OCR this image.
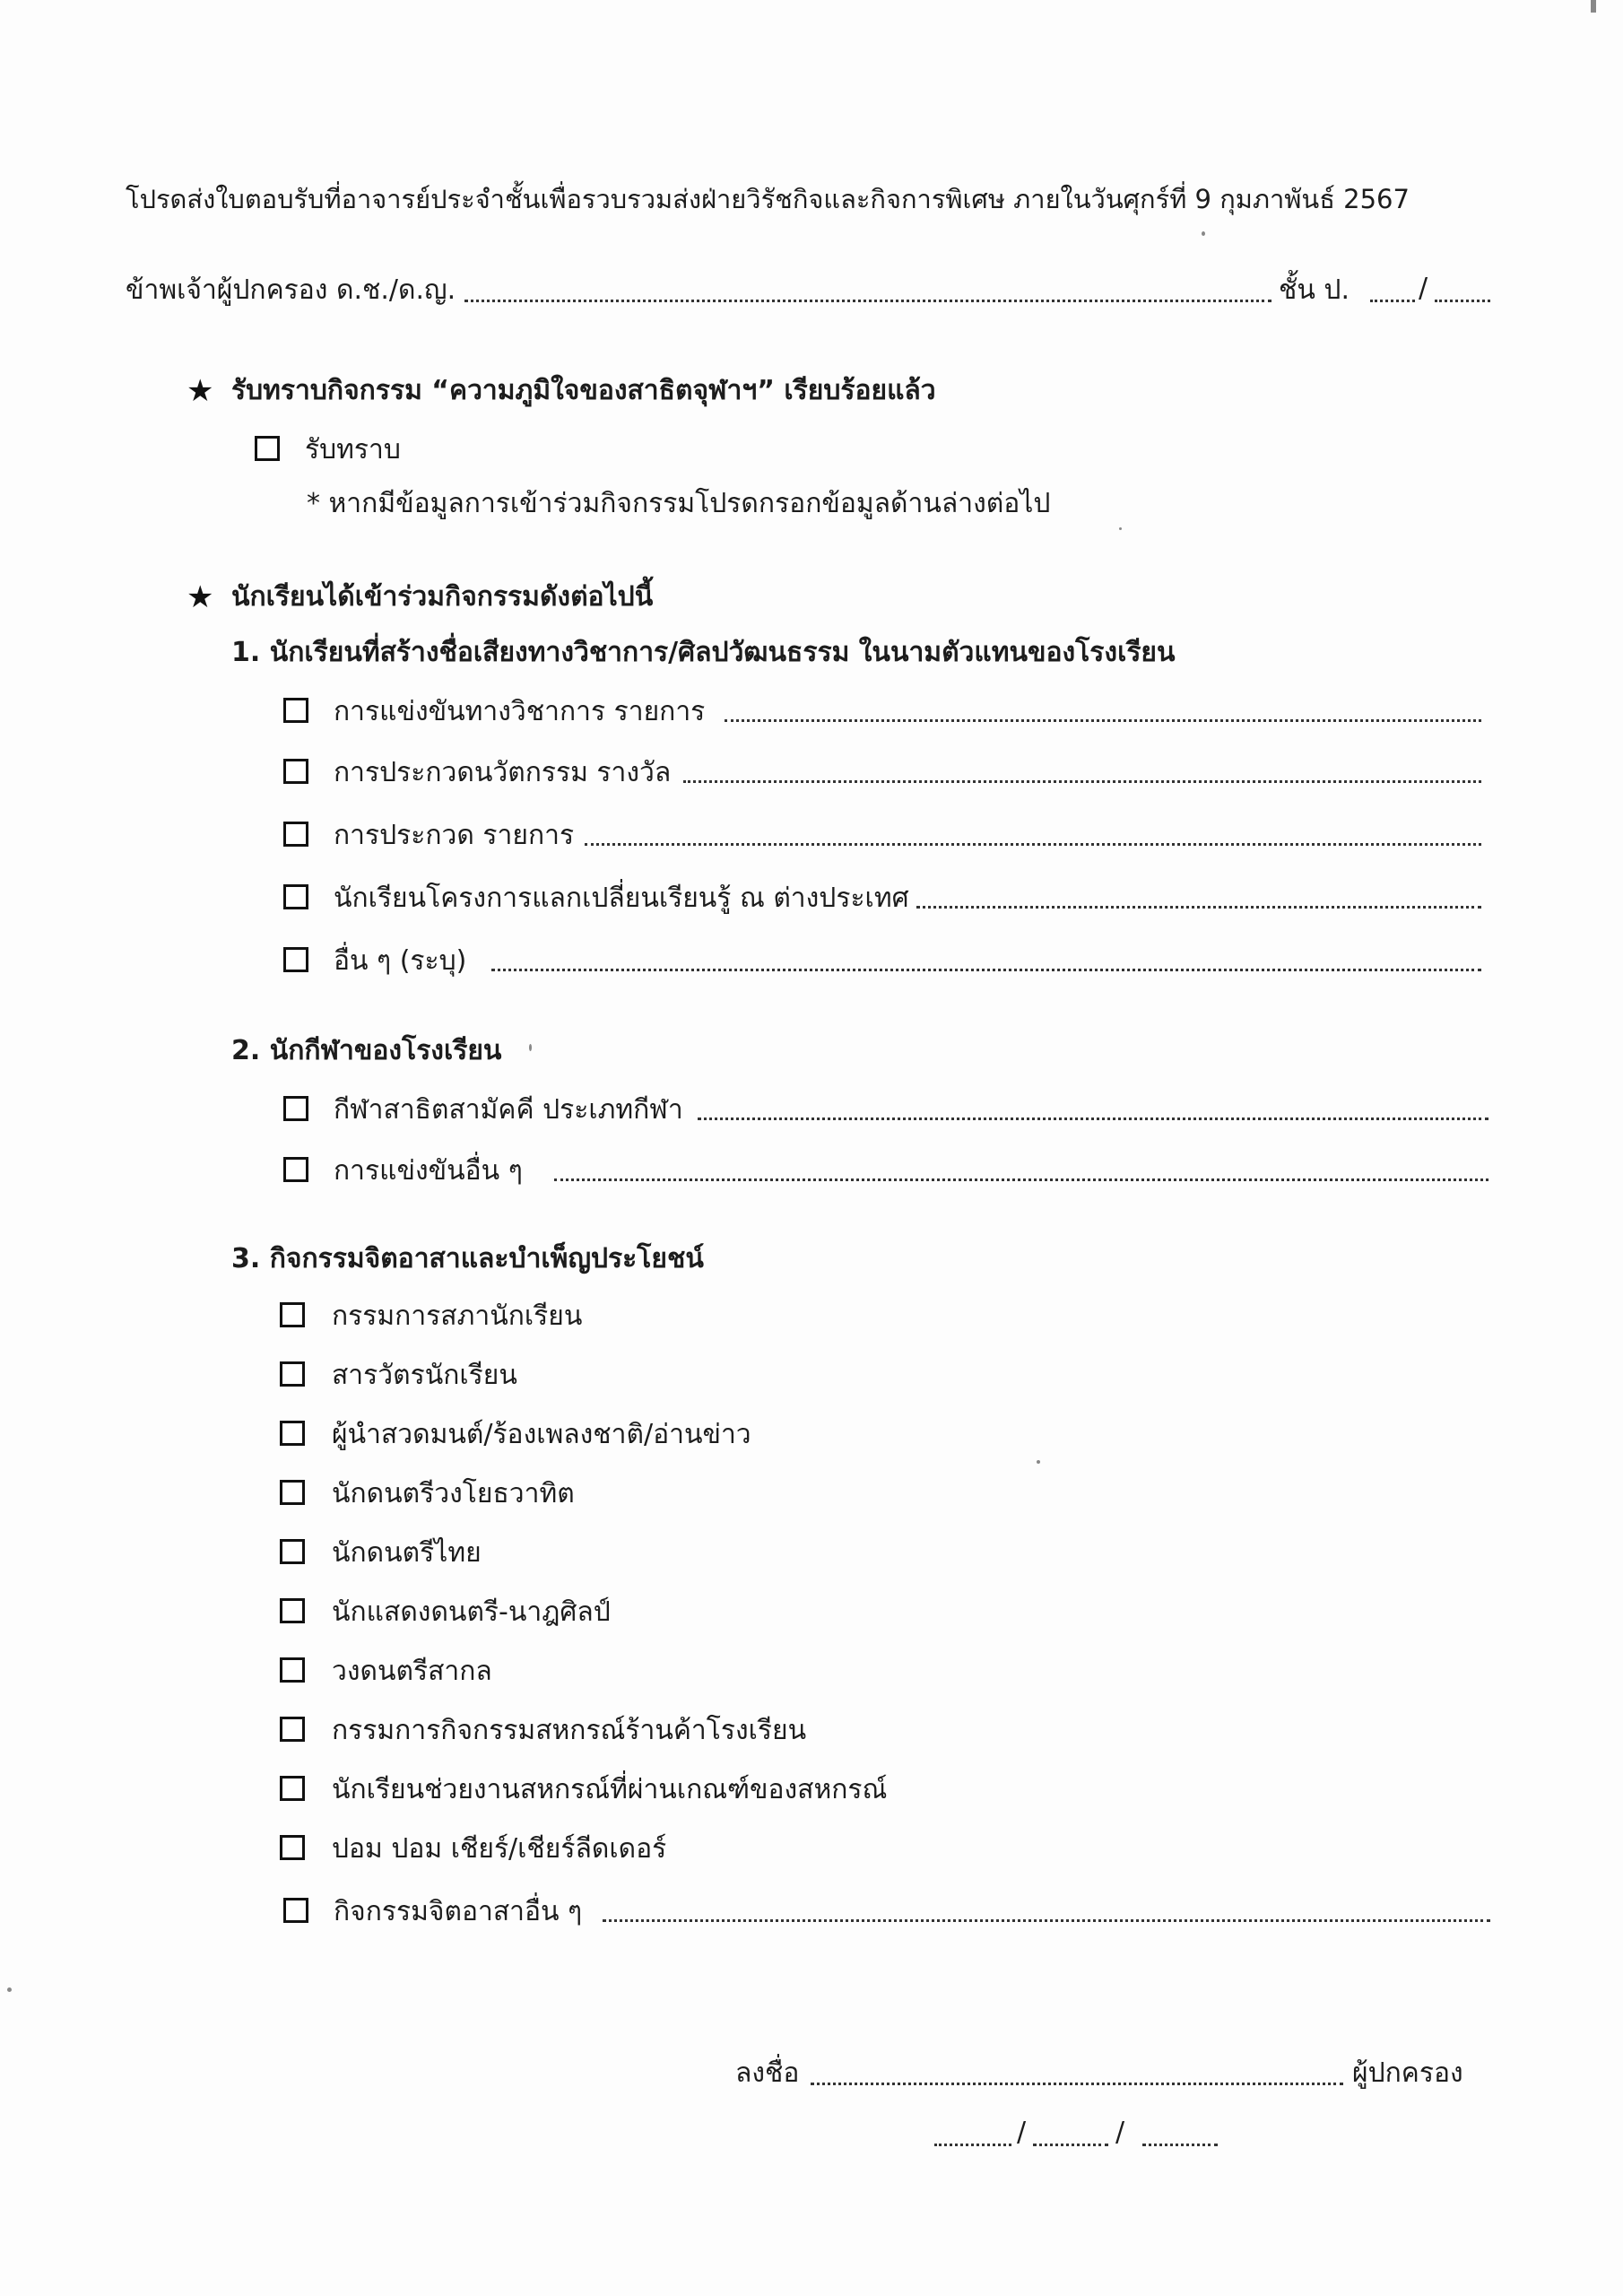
โปรดส่งใบตอบรับที่อาจารย์ประจำชั้นเพื่อรวบรวมส่งฝ่ายวิรัชกิจและกิจการพิเศษ ภายในวันศุกร์ที่ 9 กุมภาพันธ์ 2567
ข้าพเจ้าผู้ปกครอง ด.ช./ด.ญ.	ชั้น ป.	/
★ รับทราบกิจกรรม “ความภูมิใจของสาธิตจุฬาฯ” เรียบร้อยแล้ว
รับทราบ
* หากมีข้อมูลการเข้าร่วมกิจกรรมโปรดกรอกข้อมูลด้านล่างต่อไป
★ นักเรียนได้เข้าร่วมกิจกรรมดังต่อไปนี้
1. นักเรียนที่สร้างชื่อเสียงทางวิชาการ/ศิลปวัฒนธรรม ในนามตัวแทนของโรงเรียน
การแข่งขันทางวิชาการ รายการ
การประกวดนวัตกรรม รางวัล
การประกวด รายการ
นักเรียนโครงการแลกเปลี่ยนเรียนรู้ ณ ต่างประเทศ
อื่น ๆ (ระบุ)
2. นักกีฬาของโรงเรียน
กีฬาสาธิตสามัคคี ประเภทกีฬา
การแข่งขันอื่น ๆ
3. กิจกรรมจิตอาสาและบำเพ็ญประโยชน์
กรรมการสภานักเรียน
สารวัตรนักเรียน
ผู้นำสวดมนต์/ร้องเพลงชาติ/อ่านข่าว
นักดนตรีวงโยธวาทิต
นักดนตรีไทย
นักแสดงดนตรี-นาฎศิลป์
วงดนตรีสากล
กรรมการกิจกรรมสหกรณ์ร้านค้าโรงเรียน
นักเรียนช่วยงานสหกรณ์ที่ผ่านเกณฑ์ของสหกรณ์
ปอม ปอม เชียร์/เชียร์ลีดเดอร์
กิจกรรมจิตอาสาอื่น ๆ
ลงชื่อ	ผู้ปกครอง
/	/
